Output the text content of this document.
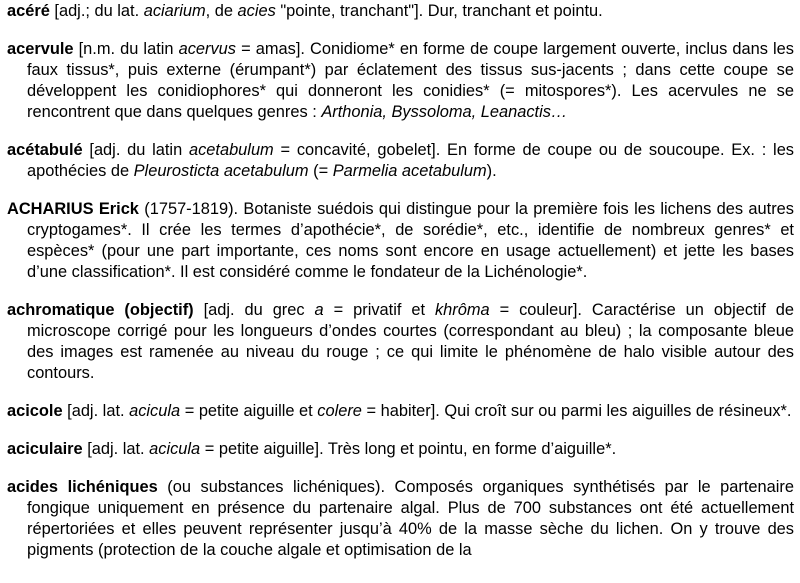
acéré [adj.; du lat. aciarium, de acies "pointe, tranchant"]. Dur, tranchant et pointu.

acervule [n.m. du latin acervus = amas]. Conidiome* en forme de coupe largement ouverte, inclus dans les faux tissus*, puis externe (érumpant*) par éclatement des tissus sus-jacents ; dans cette coupe se développent les conidiophores* qui donneront les conidies* (= mitospores*). Les acervules ne se rencontrent que dans quelques genres : Arthonia, Byssoloma, Leanactis…

acétabulé [adj. du latin acetabulum = concavité, gobelet]. En forme de coupe ou de soucoupe. Ex. : les apothécies de Pleurosticta acetabulum (= Parmelia acetabulum).

ACHARIUS Erick (1757-1819). Botaniste suédois qui distingue pour la première fois les lichens des autres cryptogames*. Il crée les termes d’apothécie*, de sorédie*, etc., identifie de nombreux genres* et espèces* (pour une part importante, ces noms sont encore en usage actuellement) et jette les bases d’une classification*. Il est considéré comme le fondateur de la Lichénologie*.

achromatique (objectif) [adj. du grec a = privatif et khrôma = couleur]. Caractérise un objectif de microscope corrigé pour les longueurs d’ondes courtes (correspondant au bleu) ; la composante bleue des images est ramenée au niveau du rouge ; ce qui limite le phénomène de halo visible autour des contours.

acicole [adj. lat. acicula = petite aiguille et colere = habiter]. Qui croît sur ou parmi les aiguilles de résineux*.

aciculaire [adj. lat. acicula = petite aiguille]. Très long et pointu, en forme d’aiguille*.

acides lichéniques (ou substances lichéniques). Composés organiques synthétisés par le partenaire fongique uniquement en présence du partenaire algal. Plus de 700 substances ont été actuellement répertoriées et elles peuvent représenter jusqu’à 40% de la masse sèche du lichen. On y trouve des pigments (protection de la couche algale et optimisation de la
